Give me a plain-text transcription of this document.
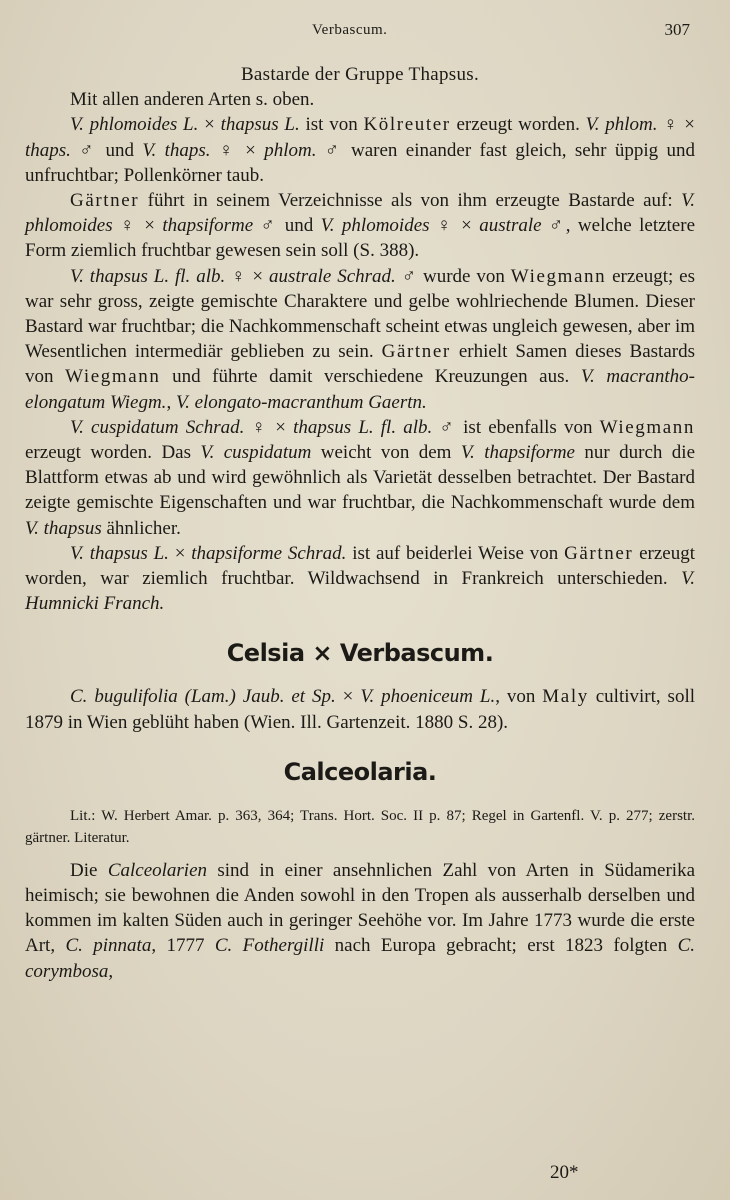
Verbascum.	307

Bastarde der Gruppe Thapsus.

Mit allen anderen Arten s. oben.

V. phlomoides L. × thapsus L. ist von Kölreuter erzeugt worden. V. phlom. ♀ × thaps. ♂ und V. thaps. ♀ × phlom. ♂ waren einander fast gleich, sehr üppig und unfruchtbar; Pollenkörner taub.

Gärtner führt in seinem Verzeichnisse als von ihm erzeugte Bastarde auf: V. phlomoides ♀ × thapsiforme ♂ und V. phlomoides ♀ × australe ♂, welche letztere Form ziemlich fruchtbar gewesen sein soll (S. 388).

V. thapsus L. fl. alb. ♀ × australe Schrad. ♂ wurde von Wiegmann erzeugt; es war sehr gross, zeigte gemischte Charaktere und gelbe wohlriechende Blumen. Dieser Bastard war fruchtbar; die Nachkommenschaft scheint etwas ungleich gewesen, aber im Wesentlichen intermediär geblieben zu sein. Gärtner erhielt Samen dieses Bastards von Wiegmann und führte damit verschiedene Kreuzungen aus. V. macrantho-elongatum Wiegm., V. elongato-macranthum Gaertn.

V. cuspidatum Schrad. ♀ × thapsus L. fl. alb. ♂ ist ebenfalls von Wiegmann erzeugt worden. Das V. cuspidatum weicht von dem V. thapsiforme nur durch die Blattform etwas ab und wird gewöhnlich als Varietät desselben betrachtet. Der Bastard zeigte gemischte Eigenschaften und war fruchtbar, die Nachkommenschaft wurde dem V. thapsus ähnlicher.

V. thapsus L. × thapsiforme Schrad. ist auf beiderlei Weise von Gärtner erzeugt worden, war ziemlich fruchtbar. Wildwachsend in Frankreich unterschieden. V. Humnicki Franch.

Celsia × Verbascum.

C. bugulifolia (Lam.) Jaub. et Sp. × V. phoeniceum L., von Maly cultivirt, soll 1879 in Wien geblüht haben (Wien. Ill. Gartenzeit. 1880 S. 28).

Calceolaria.

Lit.: W. Herbert Amar. p. 363, 364; Trans. Hort. Soc. II p. 87; Regel in Gartenfl. V. p. 277; zerstr. gärtner. Literatur.

Die Calceolarien sind in einer ansehnlichen Zahl von Arten in Südamerika heimisch; sie bewohnen die Anden sowohl in den Tropen als ausserhalb derselben und kommen im kalten Süden auch in geringer Seehöhe vor. Im Jahre 1773 wurde die erste Art, C. pinnata, 1777 C. Fothergilli nach Europa gebracht; erst 1823 folgten C. corymbosa,

20*
